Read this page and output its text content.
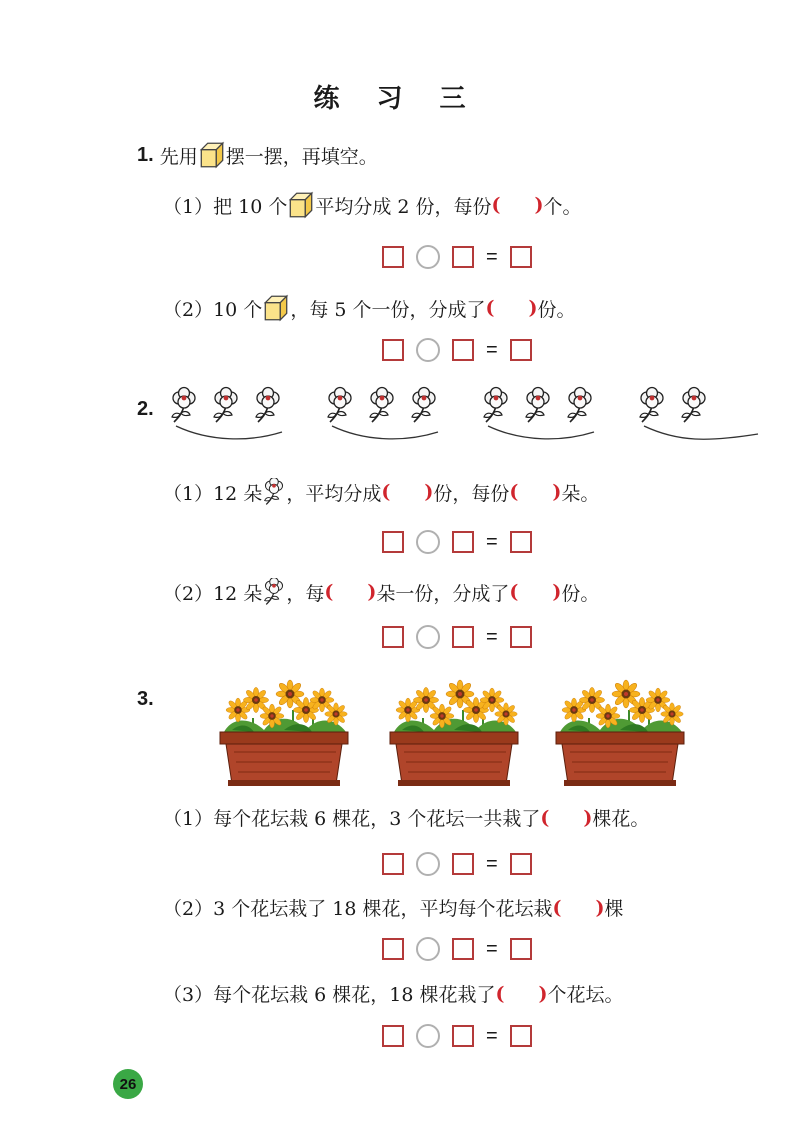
练 习 三
1. 先用 摆一摆，再填空。
（1） 把 10 个 平均分成 2 份，每份 ( ) 个。
=
（2） 10 个 ，每 5 个一份，分成了 ( ) 份。
=
2.
（1） 12 朵 ，平均分成 ( ) 份，每份 ( ) 朵。
=
（2） 12 朵 ，每 ( ) 朵一份，分成了 ( ) 份。
=
3.
（1） 每个花坛栽 6 棵花，3 个花坛一共栽了 ( ) 棵花。
=
（2） 3 个花坛栽了 18 棵花，平均每个花坛栽 ( ) 棵
=
（3） 每个花坛栽 6 棵花，18 棵花栽了 ( ) 个花坛。
=
26
